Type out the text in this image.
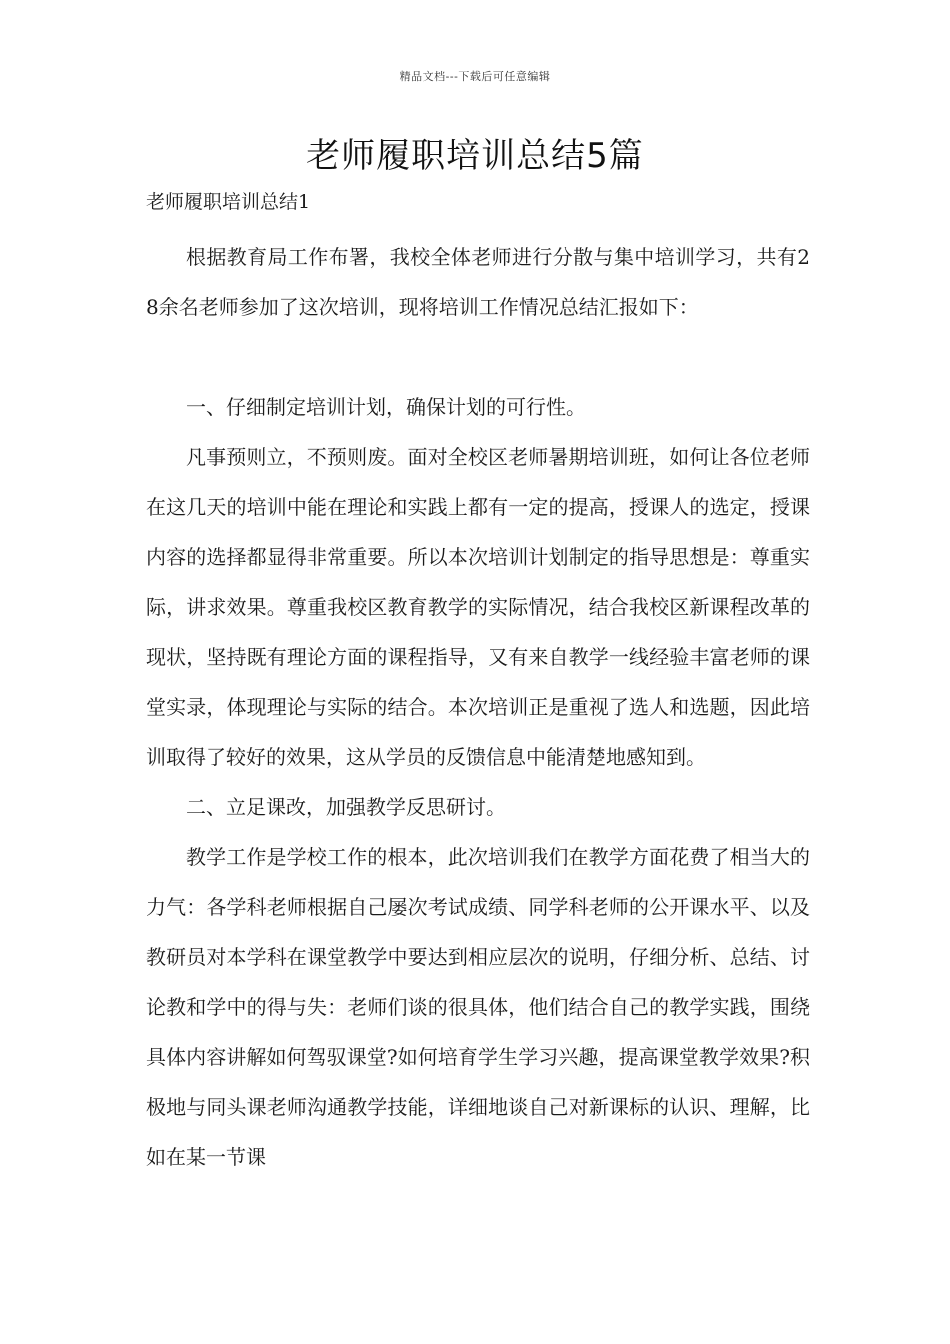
精品文档---下载后可任意编辑
老师履职培训总结5篇
老师履职培训总结1

根据教育局工作布署，我校全体老师进行分散与集中培训学习，共有28余名老师参加了这次培训，现将培训工作情况总结汇报如下：

一、仔细制定培训计划，确保计划的可行性。

凡事预则立，不预则废。面对全校区老师暑期培训班，如何让各位老师在这几天的培训中能在理论和实践上都有一定的提高，授课人的选定，授课内容的选择都显得非常重要。所以本次培训计划制定的指导思想是：尊重实际，讲求效果。尊重我校区教育教学的实际情况，结合我校区新课程改革的现状，坚持既有理论方面的课程指导，又有来自教学一线经验丰富老师的课堂实录，体现理论与实际的结合。本次培训正是重视了选人和选题，因此培训取得了较好的效果，这从学员的反馈信息中能清楚地感知到。

二、立足课改，加强教学反思研讨。

教学工作是学校工作的根本，此次培训我们在教学方面花费了相当大的力气：各学科老师根据自己屡次考试成绩、同学科老师的公开课水平、以及教研员对本学科在课堂教学中要达到相应层次的说明，仔细分析、总结、讨论教和学中的得与失：老师们谈的很具体，他们结合自己的教学实践，围绕具体内容讲解如何驾驭课堂?如何培育学生学习兴趣，提高课堂教学效果?积极地与同头课老师沟通教学技能，详细地谈自己对新课标的认识、理解，比如在某一节课
